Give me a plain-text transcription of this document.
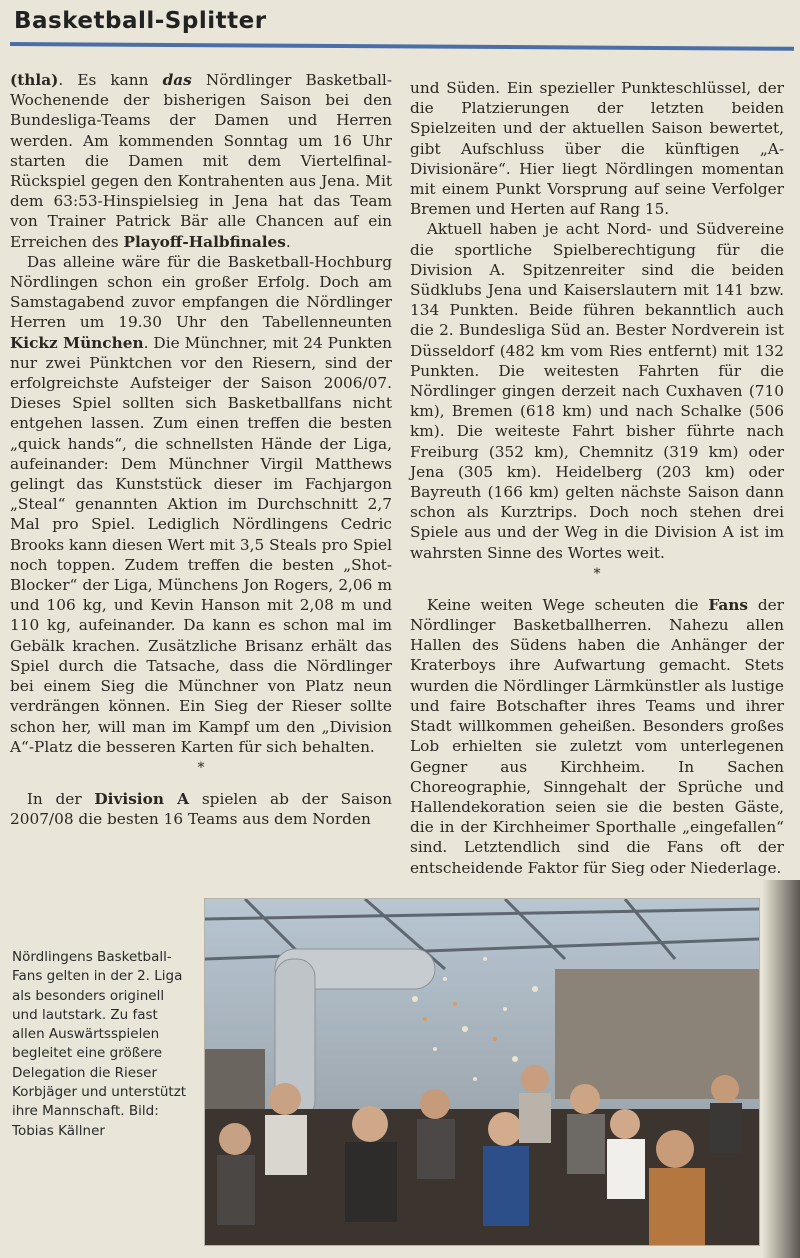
Basketball-Splitter

(thla). Es kann das Nördlinger Basketball-Wochenende der bisherigen Saison bei den Bundesliga-Teams der Damen und Herren werden. Am kommenden Sonntag um 16 Uhr starten die Damen mit dem Viertelfinal-Rückspiel gegen den Kontrahenten aus Jena. Mit dem 63:53-Hinspielsieg in Jena hat das Team von Trainer Patrick Bär alle Chancen auf ein Erreichen des Playoff-Halbfinales.

Das alleine wäre für die Basketball-Hochburg Nördlingen schon ein großer Erfolg. Doch am Samstagabend zuvor empfangen die Nördlinger Herren um 19.30 Uhr den Tabellenneunten Kickz München. Die Münchner, mit 24 Punkten nur zwei Pünktchen vor den Riesern, sind der erfolgreichste Aufsteiger der Saison 2006/07. Dieses Spiel sollten sich Basketballfans nicht entgehen lassen. Zum einen treffen die besten „quick hands“, die schnellsten Hände der Liga, aufeinander: Dem Münchner Virgil Matthews gelingt das Kunststück dieser im Fachjargon „Steal“ genannten Aktion im Durchschnitt 2,7 Mal pro Spiel. Lediglich Nördlingens Cedric Brooks kann diesen Wert mit 3,5 Steals pro Spiel noch toppen. Zudem treffen die besten „Shot-Blocker“ der Liga, Münchens Jon Rogers, 2,06 m und 106 kg, und Kevin Hanson mit 2,08 m und 110 kg, aufeinander. Da kann es schon mal im Gebälk krachen. Zusätzliche Brisanz erhält das Spiel durch die Tatsache, dass die Nördlinger bei einem Sieg die Münchner von Platz neun verdrängen können. Ein Sieg der Rieser sollte schon her, will man im Kampf um den „Division A“-Platz die besseren Karten für sich behalten.

*

In der Division A spielen ab der Saison 2007/08 die besten 16 Teams aus dem Norden

und Süden. Ein spezieller Punkteschlüssel, der die Platzierungen der letzten beiden Spielzeiten und der aktuellen Saison bewertet, gibt Aufschluss über die künftigen „A-Divisionäre“. Hier liegt Nördlingen momentan mit einem Punkt Vorsprung auf seine Verfolger Bremen und Herten auf Rang 15.

Aktuell haben je acht Nord- und Südvereine die sportliche Spielberechtigung für die Division A. Spitzenreiter sind die beiden Südklubs Jena und Kaiserslautern mit 141 bzw. 134 Punkten. Beide führen bekanntlich auch die 2. Bundesliga Süd an. Bester Nordverein ist Düsseldorf (482 km vom Ries entfernt) mit 132 Punkten. Die weitesten Fahrten für die Nördlinger gingen derzeit nach Cuxhaven (710 km), Bremen (618 km) und nach Schalke (506 km). Die weiteste Fahrt bisher führte nach Freiburg (352 km), Chemnitz (319 km) oder Jena (305 km). Heidelberg (203 km) oder Bayreuth (166 km) gelten nächste Saison dann schon als Kurztrips. Doch noch stehen drei Spiele aus und der Weg in die Division A ist im wahrsten Sinne des Wortes weit.

*

Keine weiten Wege scheuten die Fans der Nördlinger Basketballherren. Nahezu allen Hallen des Südens haben die Anhänger der Kraterboys ihre Aufwartung gemacht. Stets wurden die Nördlinger Lärmkünstler als lustige und faire Botschafter ihres Teams und ihrer Stadt willkommen geheißen. Besonders großes Lob erhielten sie zuletzt vom unterlegenen Gegner aus Kirchheim. In Sachen Choreographie, Sinngehalt der Sprüche und Hallendekoration seien sie die besten Gäste, die in der Kirchheimer Sporthalle „eingefallen“ sind. Letztendlich sind die Fans oft der entscheidende Faktor für Sieg oder Niederlage.

Nördlingens Basketball-Fans gelten in der 2. Liga als besonders originell und lautstark. Zu fast allen Auswärtsspielen begleitet eine größere Delegation die Rieser Korbjäger und unterstützt ihre Mannschaft. Bild: Tobias Källner
